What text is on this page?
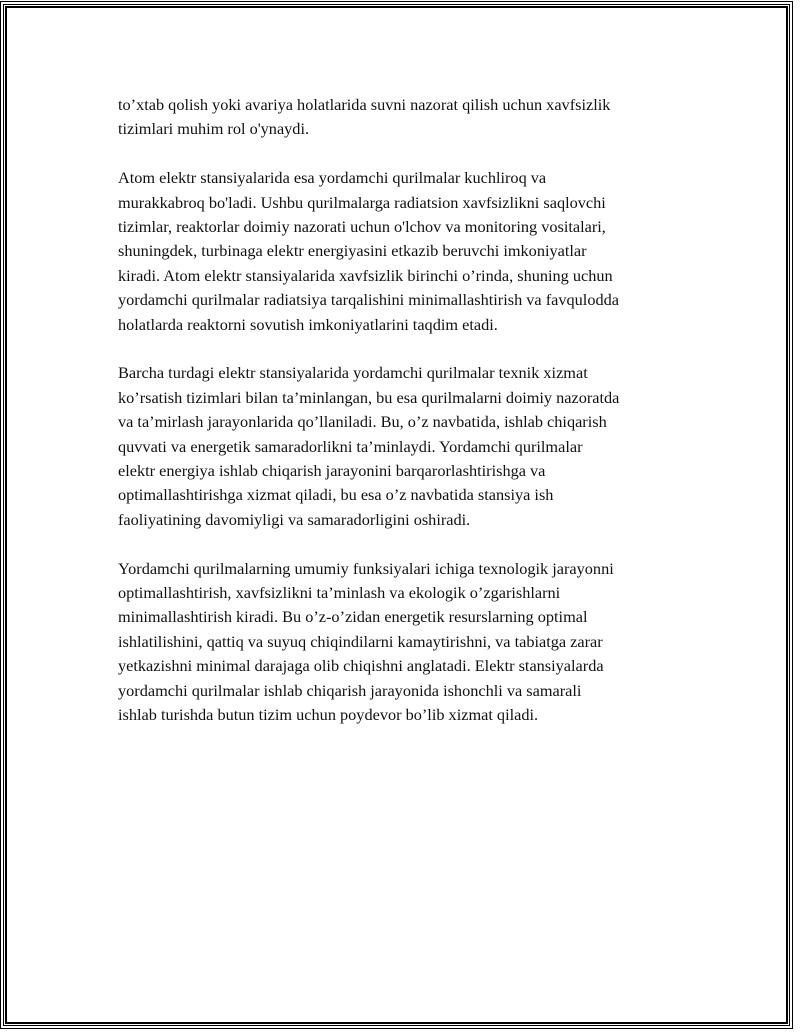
to’xtab qolish yoki avariya holatlarida suvni nazorat qilish uchun xavfsizlik
tizimlari muhim rol o'ynaydi.

Atom elektr stansiyalarida esa yordamchi qurilmalar kuchliroq va
murakkabroq bo'ladi. Ushbu qurilmalarga radiatsion xavfsizlikni saqlovchi
tizimlar, reaktorlar doimiy nazorati uchun o'lchov va monitoring vositalari,
shuningdek, turbinaga elektr energiyasini etkazib beruvchi imkoniyatlar
kiradi. Atom elektr stansiyalarida xavfsizlik birinchi o’rinda, shuning uchun
yordamchi qurilmalar radiatsiya tarqalishini minimallashtirish va favqulodda
holatlarda reaktorni sovutish imkoniyatlarini taqdim etadi.

Barcha turdagi elektr stansiyalarida yordamchi qurilmalar texnik xizmat
ko’rsatish tizimlari bilan ta’minlangan, bu esa qurilmalarni doimiy nazoratda
va ta’mirlash jarayonlarida qo’llaniladi. Bu, o’z navbatida, ishlab chiqarish
quvvati va energetik samaradorlikni ta’minlaydi. Yordamchi qurilmalar
elektr energiya ishlab chiqarish jarayonini barqarorlashtirishga va
optimallashtirishga xizmat qiladi, bu esa o’z navbatida stansiya ish
faoliyatining davomiyligi va samaradorligini oshiradi.

Yordamchi qurilmalarning umumiy funksiyalari ichiga texnologik jarayonni
optimallashtirish, xavfsizlikni ta’minlash va ekologik o’zgarishlarni
minimallashtirish kiradi. Bu o’z-o’zidan energetik resurslarning optimal
ishlatilishini, qattiq va suyuq chiqindilarni kamaytirishni, va tabiatga zarar
yetkazishni minimal darajaga olib chiqishni anglatadi. Elektr stansiyalarda
yordamchi qurilmalar ishlab chiqarish jarayonida ishonchli va samarali
ishlab turishda butun tizim uchun poydevor bo’lib xizmat qiladi.
